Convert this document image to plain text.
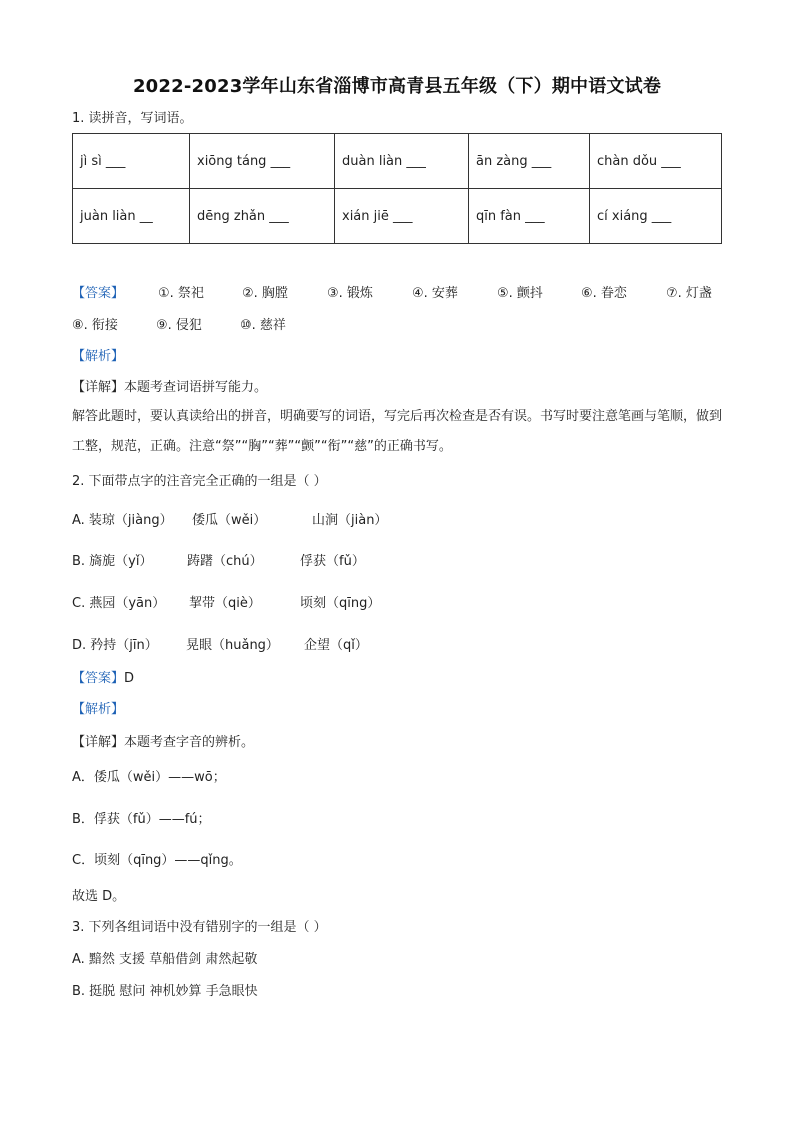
2022-2023学年山东省淄博市高青县五年级（下）期中语文试卷
1. 读拼音，写词语。
jì sì ___	xiōng táng ___	duàn liàn ___	ān zàng ___	chàn dǒu ___
juàn liàn __	dēng zhǎn ___	xián jiē ___	qīn fàn ___	cí xiáng ___
【答案】	①. 祭祀	②. 胸膛	③. 锻炼	④. 安葬	⑤. 颤抖	⑥. 眷恋	⑦. 灯盏
⑧. 衔接	⑨. 侵犯	⑩. 慈祥
【解析】
【详解】本题考查词语拼写能力。
解答此题时，要认真读给出的拼音，明确要写的词语，写完后再次检查是否有误。书写时要注意笔画与笔顺，做到工整，规范，正确。注意“祭”“胸”“葬”“颤”“衔”“慈”的正确书写。
2. 下面带点字的注音完全正确的一组是（ ）
A. 装琼（jiàng） 倭瓜（wěi）	山涧（jiàn）
B. 旖旎（yǐ）	踌躇（chú）	俘获（fǔ）
C. 燕园（yān） 挈带（qiè）	顷刻（qīng）
D. 矜持（jīn） 晃眼（huǎng） 企望（qǐ）
【答案】D
【解析】
【详解】本题考查字音的辨析。
A．倭瓜（wěi）——wō；
B．俘获（fǔ）——fú；
C．顷刻（qīng）——qǐng。
故选 D。
3. 下列各组词语中没有错别字的一组是（ ）
A. 黯然 支援 草船借剑 肃然起敬
B. 挺脱 慰问 神机妙算 手急眼快
